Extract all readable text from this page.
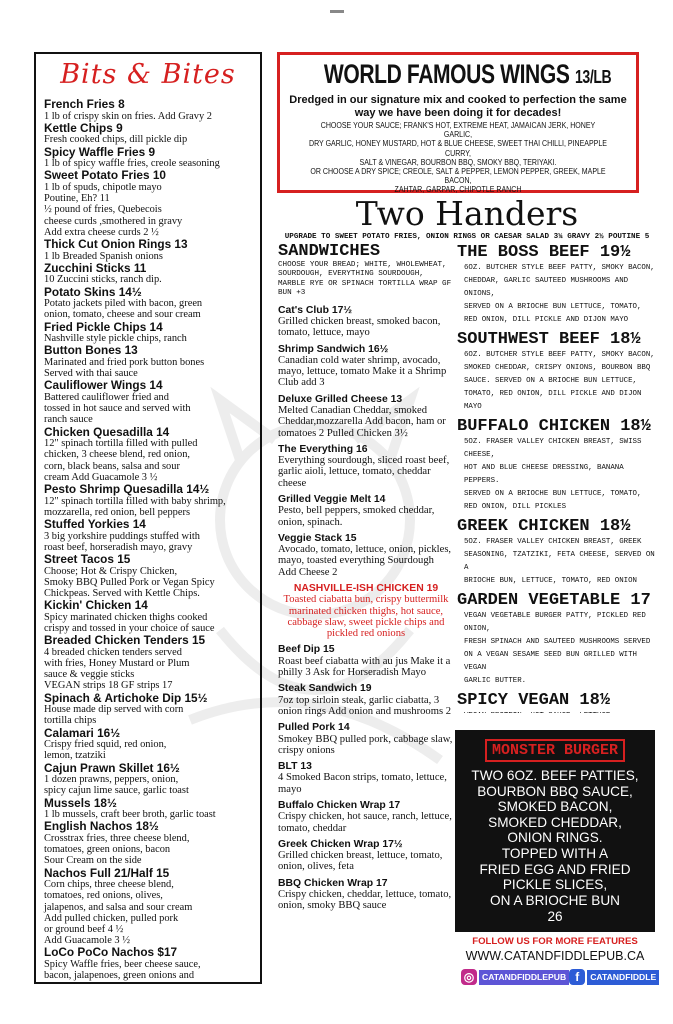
Bits & Bites
French Fries 8
1 lb of crispy skin on fries. Add Gravy 2
Kettle Chips 9
Fresh cooked chips, dill pickle dip
Spicy Waffle Fries 9
1 lb of spicy waffle fries, creole seasoning
Sweet Potato Fries 10
1 lb of spuds, chipotle mayo
Poutine, Eh? 11
½ pound of fries, Quebecois
cheese curds ,smothered in gravy
Add extra cheese curds 2 ½
Thick Cut Onion Rings 13
1 lb Breaded Spanish onions
Zucchini Sticks 11
10 Zuccini sticks, ranch dip.
Potato Skins 14½
Potato jackets piled with bacon, green
onion, tomato, cheese and sour cream
Fried Pickle Chips 14
Nashville style pickle chips, ranch
Button Bones 13
Marinated and fried pork button bones
Served with thai sauce
Cauliflower Wings 14
Battered cauliflower fried and
tossed in hot sauce and served with
ranch sauce
Chicken Quesadilla 14
12" spinach tortilla filled with pulled
chicken, 3 cheese blend, red onion,
corn, black beans, salsa and sour
cream Add Guacamole 3 ½
Pesto Shrimp Quesadilla 14½
12" spinach tortilla filled with baby shrimp,
mozzarella, red onion, bell peppers
Stuffed Yorkies 14
3 big yorkshire puddings stuffed with
roast beef, horseradish mayo, gravy
Street Tacos 15
Choose; Hot & Crispy Chicken,
Smoky BBQ Pulled Pork or Vegan Spicy
Chickpeas. Served with Kettle Chips.
Kickin' Chicken 14
Spicy marinated chicken thighs cooked
crispy and tossed in your choice of sauce
Breaded Chicken Tenders 15
4 breaded chicken tenders served
with fries, Honey Mustard or Plum
sauce & veggie sticks
VEGAN strips 18 GF strips 17
Spinach & Artichoke Dip 15½
House made dip served with corn
tortilla chips
Calamari 16½
Crispy fried squid, red onion,
lemon, tzatziki
Cajun Prawn Skillet 16½
1 dozen prawns, peppers, onion,
spicy cajun lime sauce, garlic toast
Mussels 18½
1 lb mussels, craft beer broth, garlic toast
English Nachos 18½
Crosstrax fries, three cheese blend,
tomatoes, green onions, bacon
Sour Cream on the side
Nachos Full 21/Half 15
Corn chips, three cheese blend,
tomatoes, red onions, olives,
jalapenos, and salsa and sour cream
Add pulled chicken, pulled pork
or ground beef 4 ½
Add Guacamole 3 ½
LoCo PoCo Nachos $17
Spicy Waffle fries, beer cheese sauce,
bacon, jalapenoes, green onions and
WORLD FAMOUS WINGS 13/LB
Dredged in our signature mix and cooked to perfection the same way we have been doing it for decades!
CHOOSE YOUR SAUCE; FRANK'S HOT, EXTREME HEAT, JAMAICAN JERK, HONEY GARLIC,
DRY GARLIC, HONEY MUSTARD, HOT & BLUE CHEESE, SWEET THAI CHILLI, PINEAPPLE CURRY,
SALT & VINEGAR, BOURBON BBQ, SMOKY BBQ, TERIYAKI.
OR CHOOSE A DRY SPICE; CREOLE, SALT & PEPPER, LEMON PEPPER, GREEK, MAPLE BACON,
ZAHTAR, GARPAR, CHIPOTLE RANCH
Two Handers
UPGRADE TO SWEET POTATO FRIES, ONION RINGS OR CAESAR SALAD 3¼ GRAVY 2½ POUTINE 5
SANDWICHES
CHOOSE YOUR BREAD; WHITE, WHOLEWHEAT, SOURDOUGH, EVERYTHING SOURDOUGH, MARBLE RYE OR SPINACH TORTILLA WRAP GF BUN +3
Cat's Club 17½
Grilled chicken breast, smoked bacon, tomato, lettuce, mayo
Shrimp Sandwich 16½
Canadian cold water shrimp, avocado, mayo, lettuce, tomato Make it a Shrimp Club add 3
Deluxe Grilled Cheese 13
Melted Canadian Cheddar, smoked Cheddar,mozzarella Add bacon, ham or tomatoes 2 Pulled Chicken 3½
The Everything 16
Everything sourdough, sliced roast beef, garlic aioli, lettuce, tomato, cheddar cheese
Grilled Veggie Melt 14
Pesto, bell peppers, smoked cheddar, onion, spinach.
Veggie Stack 15
Avocado, tomato, lettuce, onion, pickles, mayo, toasted everything Sourdough Add Cheese 2
NASHVILLE-ISH CHICKEN 19
Toasted ciabatta bun, crispy buttermilk marinated chicken thighs, hot sauce, cabbage slaw, sweet pickle chips and pickled red onions
Beef Dip 15
Roast beef ciabatta with au jus Make it a philly 3 Ask for Horseradish Mayo
Steak Sandwich 19
7oz top sirloin steak, garlic ciabatta, 3 onion rings Add onion and mushrooms 2
Pulled Pork 14
Smokey BBQ pulled pork, cabbage slaw, crispy onions
BLT 13
4 Smoked Bacon strips, tomato, lettuce, mayo
Buffalo Chicken Wrap 17
Crispy chicken, hot sauce, ranch, lettuce, tomato, cheddar
Greek Chicken Wrap 17½
Grilled chicken breast, lettuce, tomato, onion, olives, feta
BBQ Chicken Wrap 17
Crispy chicken, cheddar, lettuce, tomato, onion, smoky BBQ sauce
THE BOSS BEEF 19½
6OZ. BUTCHER STYLE BEEF PATTY, SMOKY BACON,
CHEDDAR, GARLIC SAUTEED MUSHROOMS AND ONIONS,
SERVED ON A BRIOCHE BUN LETTUCE, TOMATO,
RED ONION, DILL PICKLE AND DIJON MAYO
SOUTHWEST BEEF 18½
6OZ. BUTCHER STYLE BEEF PATTY, SMOKY BACON,
SMOKED CHEDDAR, CRISPY ONIONS, BOURBON BBQ
SAUCE. SERVED ON A BRIOCHE BUN LETTUCE,
TOMATO, RED ONION, DILL PICKLE AND DIJON MAYO
BUFFALO CHICKEN 18½
5OZ. FRASER VALLEY CHICKEN BREAST, SWISS CHEESE,
HOT AND BLUE CHEESE DRESSING, BANANA PEPPERS.
SERVED ON A BRIOCHE BUN LETTUCE, TOMATO,
RED ONION, DILL PICKLES
GREEK CHICKEN 18½
5OZ. FRASER VALLEY CHICKEN BREAST, GREEK
SEASONING, TZATZIKI, FETA CHEESE, SERVED ON A
BRIOCHE BUN, LETTUCE, TOMATO, RED ONION
GARDEN VEGETABLE 17
VEGAN VEGETABLE BURGER PATTY, PICKLED RED ONION,
FRESH SPINACH AND SAUTEED MUSHROOMS SERVED
ON A VEGAN SESAME SEED BUN GRILLED WITH VEGAN
GARLIC BUTTER.
SPICY VEGAN 18½
MONSTER BURGER
TWO 6OZ. BEEF PATTIES,
BOURBON BBQ SAUCE,
SMOKED BACON,
SMOKED CHEDDAR,
ONION RINGS.
TOPPED WITH A
FRIED EGG AND FRIED
PICKLE SLICES,
ON A BRIOCHE BUN
26
FOLLOW US FOR MORE FEATURES
WWW.CATANDFIDDLEPUB.CA
◎ CATANDFIDDLEPUB f	CATANDFIDDLE
